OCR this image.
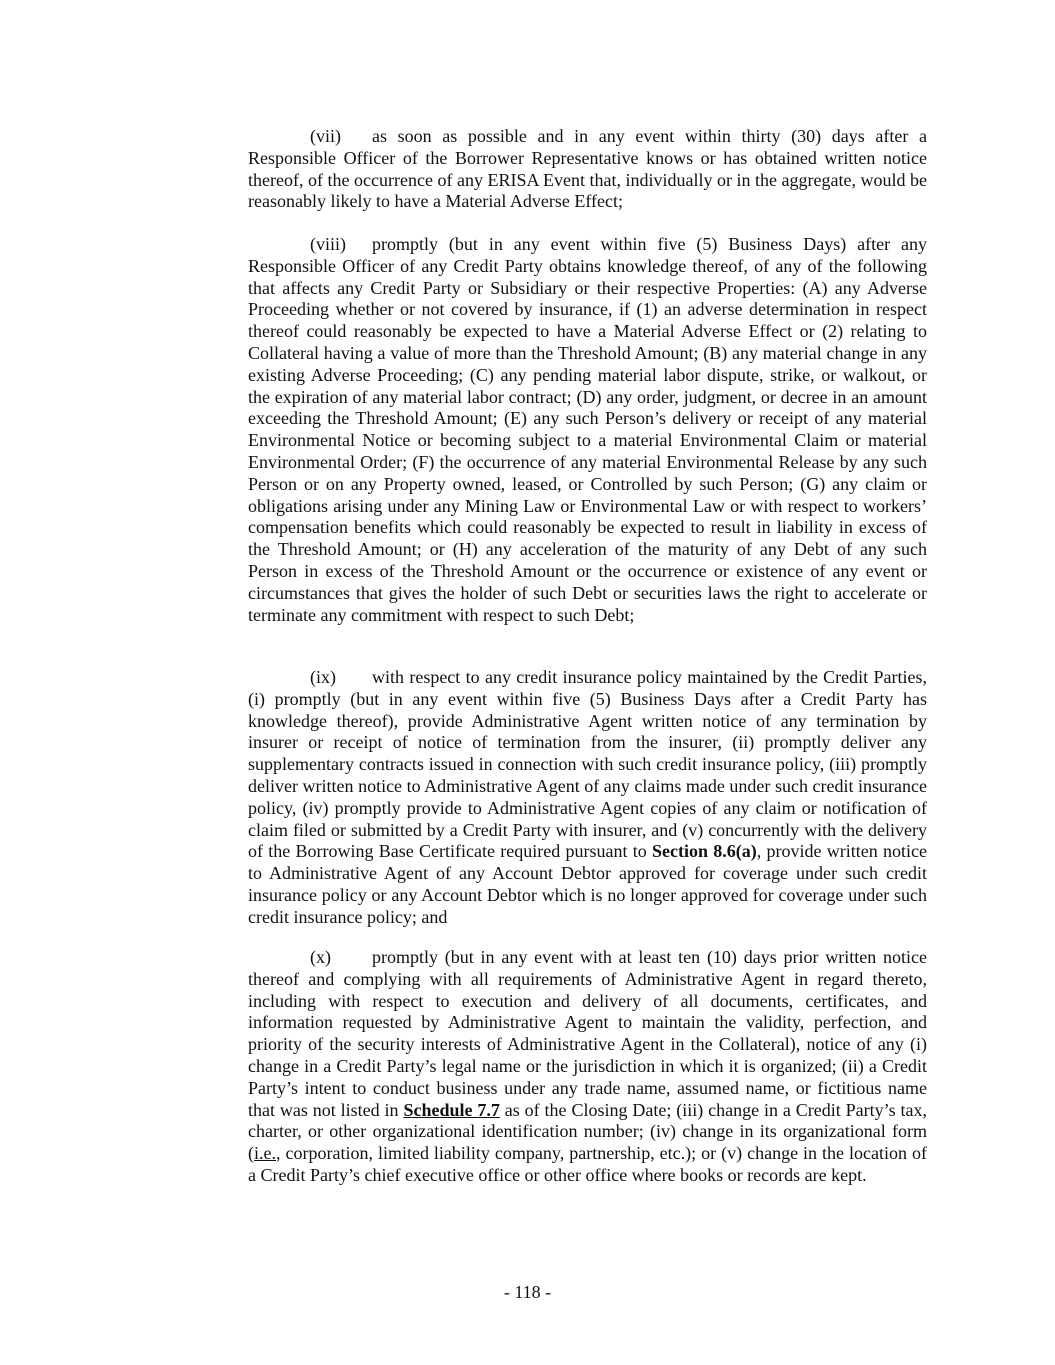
(vii) as soon as possible and in any event within thirty (30) days after a Responsible Officer of the Borrower Representative knows or has obtained written notice thereof, of the occurrence of any ERISA Event that, individually or in the aggregate, would be reasonably likely to have a Material Adverse Effect;

(viii) promptly (but in any event within five (5) Business Days) after any Responsible Officer of any Credit Party obtains knowledge thereof, of any of the following that affects any Credit Party or Subsidiary or their respective Properties: (A) any Adverse Proceeding whether or not covered by insurance, if (1) an adverse determination in respect thereof could reasonably be expected to have a Material Adverse Effect or (2) relating to Collateral having a value of more than the Threshold Amount; (B) any material change in any existing Adverse Proceeding; (C) any pending material labor dispute, strike, or walkout, or the expiration of any material labor contract; (D) any order, judgment, or decree in an amount exceeding the Threshold Amount; (E) any such Person’s delivery or receipt of any material Environmental Notice or becoming subject to a material Environmental Claim or material Environmental Order; (F) the occurrence of any material Environmental Release by any such Person or on any Property owned, leased, or Controlled by such Person; (G) any claim or obligations arising under any Mining Law or Environmental Law or with respect to workers’ compensation benefits which could reasonably be expected to result in liability in excess of the Threshold Amount; or (H) any acceleration of the maturity of any Debt of any such Person in excess of the Threshold Amount or the occurrence or existence of any event or circumstances that gives the holder of such Debt or securities laws the right to accelerate or terminate any commitment with respect to such Debt;

(ix) with respect to any credit insurance policy maintained by the Credit Parties, (i) promptly (but in any event within five (5) Business Days after a Credit Party has knowledge thereof), provide Administrative Agent written notice of any termination by insurer or receipt of notice of termination from the insurer, (ii) promptly deliver any supplementary contracts issued in connection with such credit insurance policy, (iii) promptly deliver written notice to Administrative Agent of any claims made under such credit insurance policy, (iv) promptly provide to Administrative Agent copies of any claim or notification of claim filed or submitted by a Credit Party with insurer, and (v) concurrently with the delivery of the Borrowing Base Certificate required pursuant to Section 8.6(a), provide written notice to Administrative Agent of any Account Debtor approved for coverage under such credit insurance policy or any Account Debtor which is no longer approved for coverage under such credit insurance policy; and

(x) promptly (but in any event with at least ten (10) days prior written notice thereof and complying with all requirements of Administrative Agent in regard thereto, including with respect to execution and delivery of all documents, certificates, and information requested by Administrative Agent to maintain the validity, perfection, and priority of the security interests of Administrative Agent in the Collateral), notice of any (i) change in a Credit Party’s legal name or the jurisdiction in which it is organized; (ii) a Credit Party’s intent to conduct business under any trade name, assumed name, or fictitious name that was not listed in Schedule 7.7 as of the Closing Date; (iii) change in a Credit Party’s tax, charter, or other organizational identification number; (iv) change in its organizational form (i.e., corporation, limited liability company, partnership, etc.); or (v) change in the location of a Credit Party’s chief executive office or other office where books or records are kept.

- 118 -
